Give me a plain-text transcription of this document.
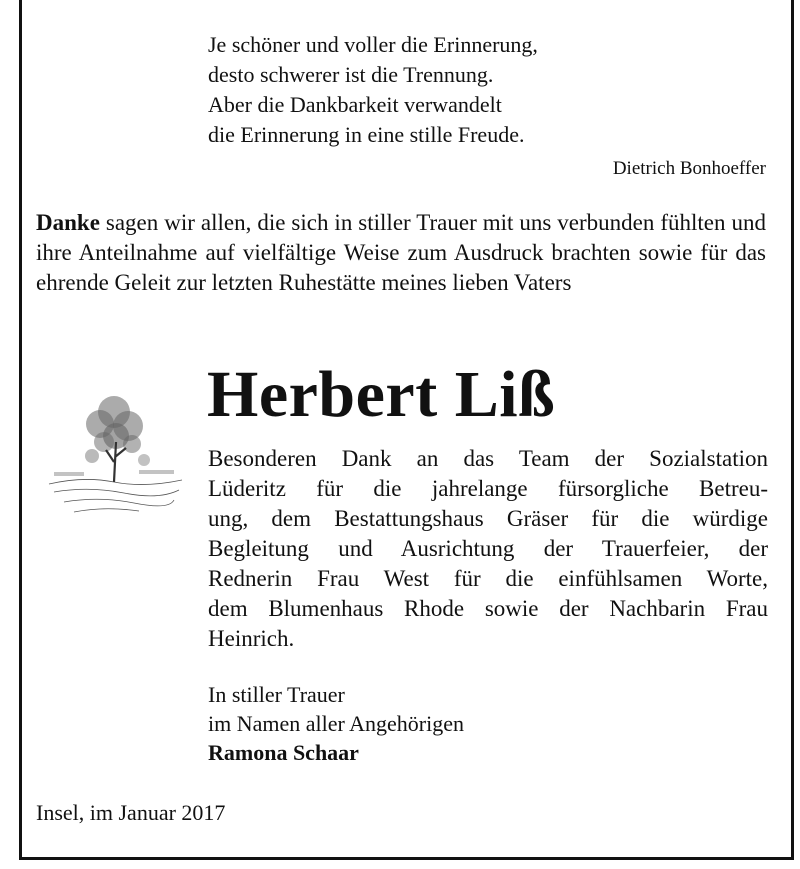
Je schöner und voller die Erinnerung,
desto schwerer ist die Trennung.
Aber die Dankbarkeit verwandelt
die Erinnerung in eine stille Freude.
Dietrich Bonhoeffer
Danke sagen wir allen, die sich in stiller Trauer mit uns verbunden fühlten und ihre Anteilnahme auf vielfältige Weise zum Ausdruck brachten sowie für das ehrende Geleit zur letzten Ruhestätte meines lieben Vaters
Herbert Liß
Besonderen Dank an das Team der Sozialstation
Lüderitz für die jahrelange fürsorgliche Betreu-
ung, dem Bestattungshaus Gräser für die würdige
Begleitung und Ausrichtung der Trauerfeier, der
Rednerin Frau West für die einfühlsamen Worte,
dem Blumenhaus Rhode sowie der Nachbarin Frau
Heinrich.
In stiller Trauer
im Namen aller Angehörigen
Ramona Schaar
Insel, im Januar 2017
